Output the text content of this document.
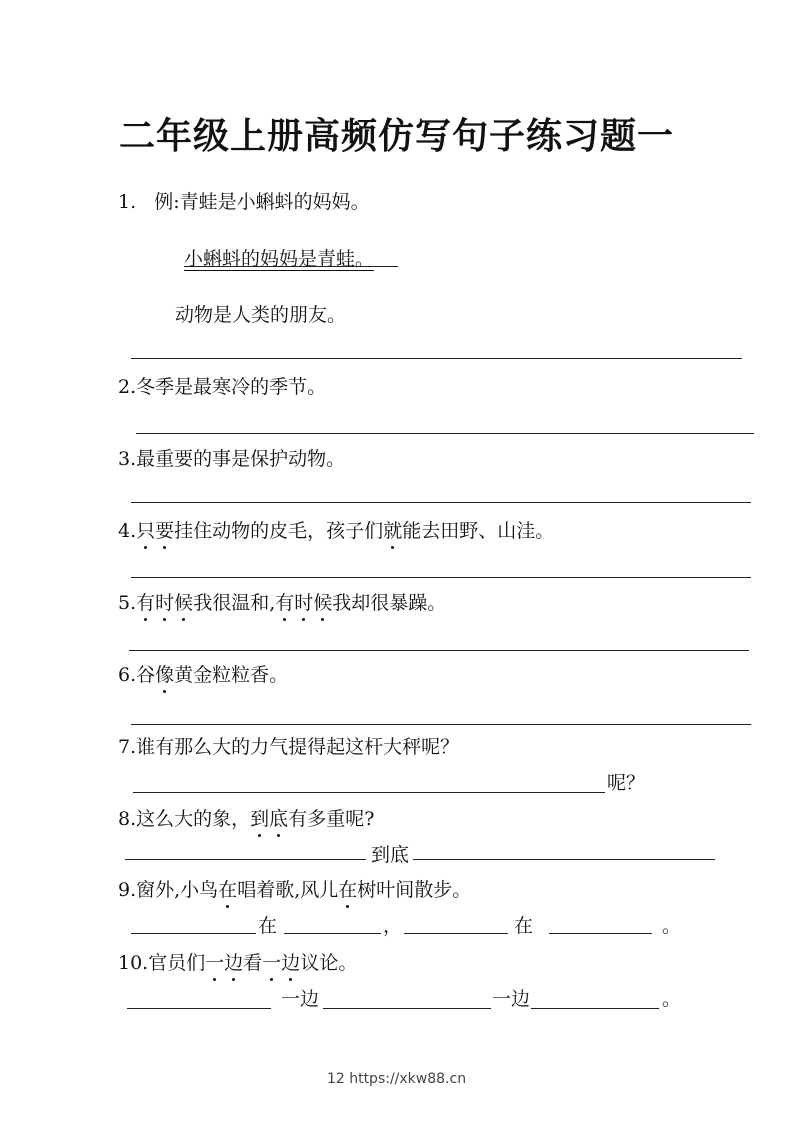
二年级上册高频仿写句子练习题一
1. 例:青蛙是小蝌蚪的妈妈。
小蝌蚪的妈妈是青蛙。
动物是人类的朋友。
2.冬季是最寒冷的季节。
3.最重要的事是保护动物。
4.只要挂住动物的皮毛，孩子们就能去田野、山洼。
5.有时候我很温和,有时候我却很暴躁。
6.谷像黄金粒粒香。
7.谁有那么大的力气提得起这杆大秤呢？
呢？
8.这么大的象，到底有多重呢?
到底
9.窗外,小鸟在唱着歌,风儿在树叶间散步。
在	，	在	。
10.官员们一边看一边议论。
一边	一边	。
12 https://xkw88.cn
